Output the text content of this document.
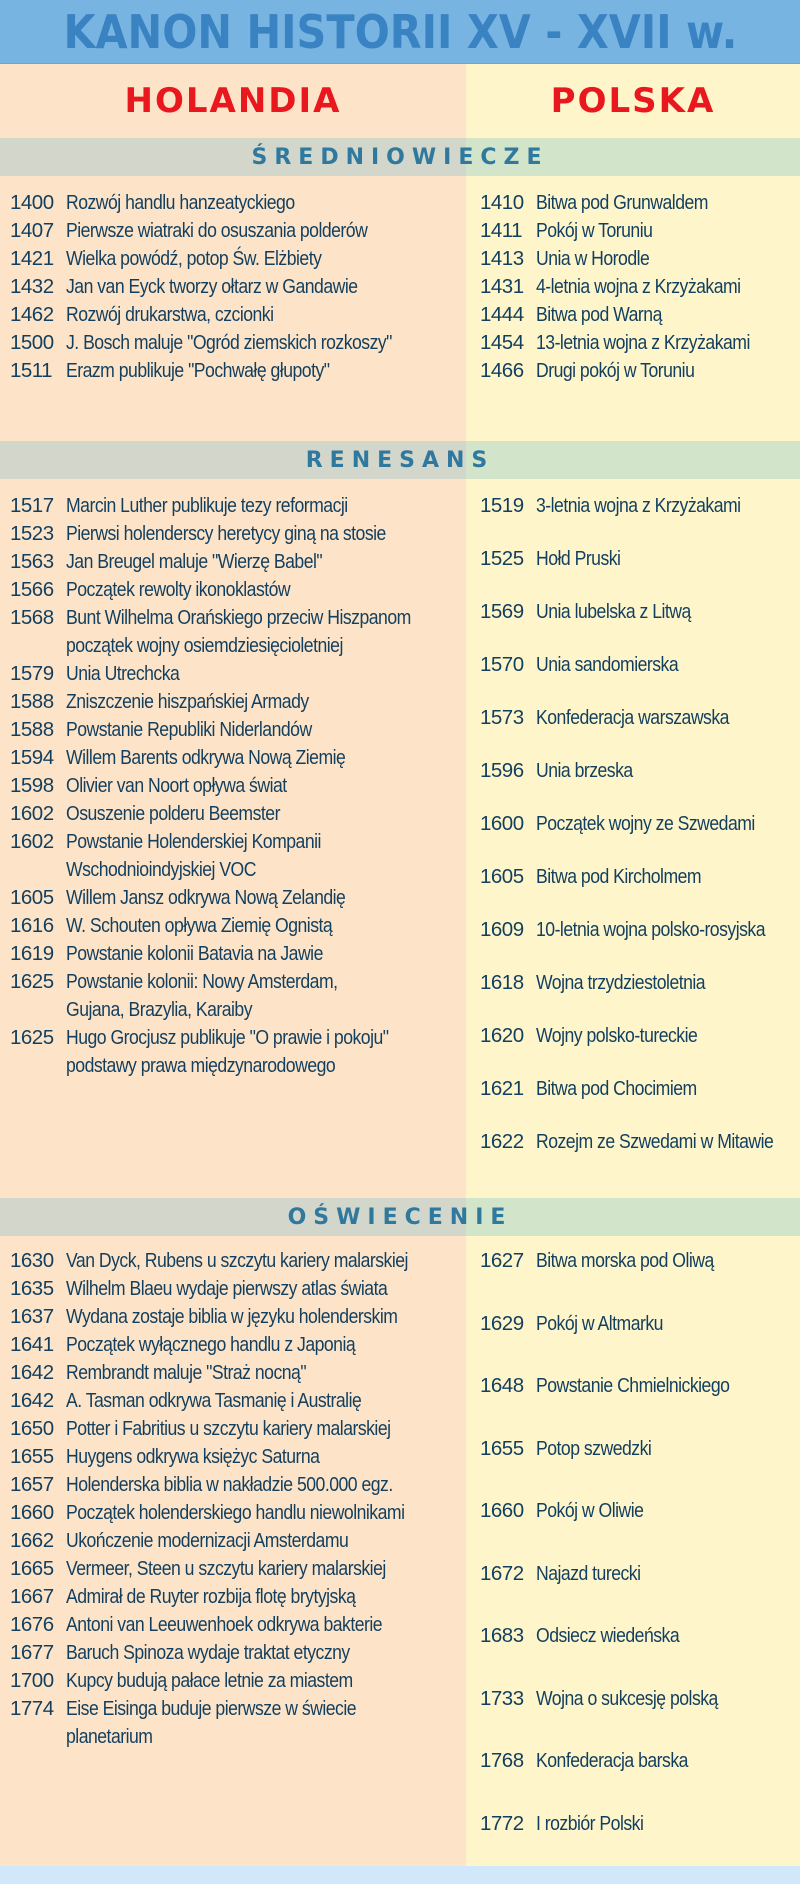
KANON HISTORII XV - XVII w.
HOLANDIA	POLSKA
ŚREDNIOWIECZE
1400 Rozwój handlu hanzeatyckiego
1407 Pierwsze wiatraki do osuszania polderów
1421 Wielka powódź, potop Św. Elżbiety
1432 Jan van Eyck tworzy ołtarz w Gandawie
1462 Rozwój drukarstwa, czcionki
1500 J. Bosch maluje "Ogród ziemskich rozkoszy"
1511 Erazm publikuje "Pochwałę głupoty"
1410 Bitwa pod Grunwaldem
1411 Pokój w Toruniu
1413 Unia w Horodle
1431 4-letnia wojna z Krzyżakami
1444 Bitwa pod Warną
1454 13-letnia wojna z Krzyżakami
1466 Drugi pokój w Toruniu
RENESANS
1517 Marcin Luther publikuje tezy reformacji
1523 Pierwsi holenderscy heretycy giną na stosie
1563 Jan Breugel maluje "Wierzę Babel"
1566 Początek rewolty ikonoklastów
1568 Bunt Wilhelma Orańskiego przeciw Hiszpanom
początek wojny osiemdziesięcioletniej
1579 Unia Utrechcka
1588 Zniszczenie hiszpańskiej Armady
1588 Powstanie Republiki Niderlandów
1594 Willem Barents odkrywa Nową Ziemię
1598 Olivier van Noort opływa świat
1602 Osuszenie polderu Beemster
1602 Powstanie Holenderskiej Kompanii
Wschodnioindyjskiej VOC
1605 Willem Jansz odkrywa Nową Zelandię
1616 W. Schouten opływa Ziemię Ognistą
1619 Powstanie kolonii Batavia na Jawie
1625 Powstanie kolonii: Nowy Amsterdam,
Gujana, Brazylia, Karaiby
1625 Hugo Grocjusz publikuje "O prawie i pokoju"
podstawy prawa międzynarodowego
1519 3-letnia wojna z Krzyżakami
1525 Hołd Pruski
1569 Unia lubelska z Litwą
1570 Unia sandomierska
1573 Konfederacja warszawska
1596 Unia brzeska
1600 Początek wojny ze Szwedami
1605 Bitwa pod Kircholmem
1609 10-letnia wojna polsko-rosyjska
1618 Wojna trzydziestoletnia
1620 Wojny polsko-tureckie
1621 Bitwa pod Chocimiem
1622 Rozejm ze Szwedami w Mitawie
OŚWIECENIE
1630 Van Dyck, Rubens u szczytu kariery malarskiej
1635 Wilhelm Blaeu wydaje pierwszy atlas świata
1637 Wydana zostaje biblia w języku holenderskim
1641 Początek wyłącznego handlu z Japonią
1642 Rembrandt maluje "Straż nocną"
1642 A. Tasman odkrywa Tasmanię i Australię
1650 Potter i Fabritius u szczytu kariery malarskiej
1655 Huygens odkrywa księżyc Saturna
1657 Holenderska biblia w nakładzie 500.000 egz.
1660 Początek holenderskiego handlu niewolnikami
1662 Ukończenie modernizacji Amsterdamu
1665 Vermeer, Steen u szczytu kariery malarskiej
1667 Admirał de Ruyter rozbija flotę brytyjską
1676 Antoni van Leeuwenhoek odkrywa bakterie
1677 Baruch Spinoza wydaje traktat etyczny
1700 Kupcy budują pałace letnie za miastem
1774 Eise Eisinga buduje pierwsze w świecie
planetarium
1627 Bitwa morska pod Oliwą
1629 Pokój w Altmarku
1648 Powstanie Chmielnickiego
1655 Potop szwedzki
1660 Pokój w Oliwie
1672 Najazd turecki
1683 Odsiecz wiedeńska
1733 Wojna o sukcesję polską
1768 Konfederacja barska
1772 I rozbiór Polski
